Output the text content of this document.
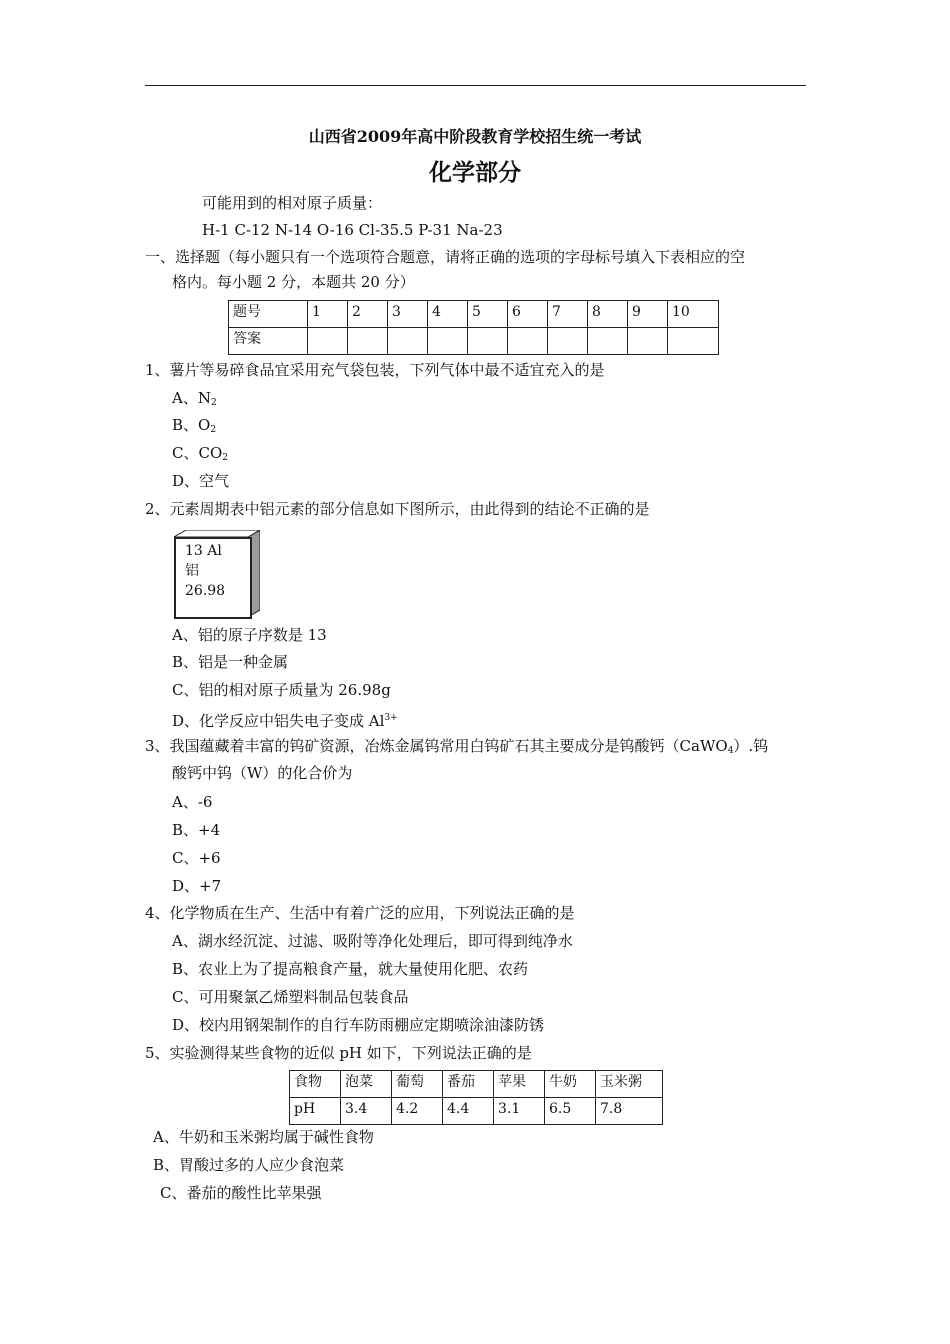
山西省2009年高中阶段教育学校招生统一考试
化学部分
可能用到的相对原子质量：
H-1 C-12 N-14 O-16 Cl-35.5 P-31 Na-23
一、选择题（每小题只有一个选项符合题意，请将正确的选项的字母标号填入下表相应的空
格内。每小题 2 分，本题共 20 分）
题号	1	2	3	4	5	6	7	8	9	10
答案										
1、薯片等易碎食品宜采用充气袋包装，下列气体中最不适宜充入的是
A、$N_2$
B、$O_2$
C、$CO_2$
D、空气
2、元素周期表中铝元素的部分信息如下图所示，由此得到的结论不正确的是
13 Al
铝
26.98
A、铝的原子序数是 13
B、铝是一种金属
C、铝的相对原子质量为 26.98g
D、化学反应中铝失电子变成 $Al^{3+}$
3、我国蕴藏着丰富的钨矿资源，冶炼金属钨常用白钨矿石其主要成分是钨酸钙（CaWO$_4$）.钨
酸钙中钨（W）的化合价为
A、-6
B、+4
C、+6
D、+7
4、化学物质在生产、生活中有着广泛的应用，下列说法正确的是
A、湖水经沉淀、过滤、吸附等净化处理后，即可得到纯净水
B、农业上为了提高粮食产量，就大量使用化肥、农药
C、可用聚氯乙烯塑料制品包装食品
D、校内用钢架制作的自行车防雨棚应定期喷涂油漆防锈
5、实验测得某些食物的近似 pH 如下，下列说法正确的是
食物	泡菜	葡萄	番茄	苹果	牛奶	玉米粥
pH	3.4	4.2	4.4	3.1	6.5	7.8
A、牛奶和玉米粥均属于碱性食物
B、胃酸过多的人应少食泡菜
C、番茄的酸性比苹果强
